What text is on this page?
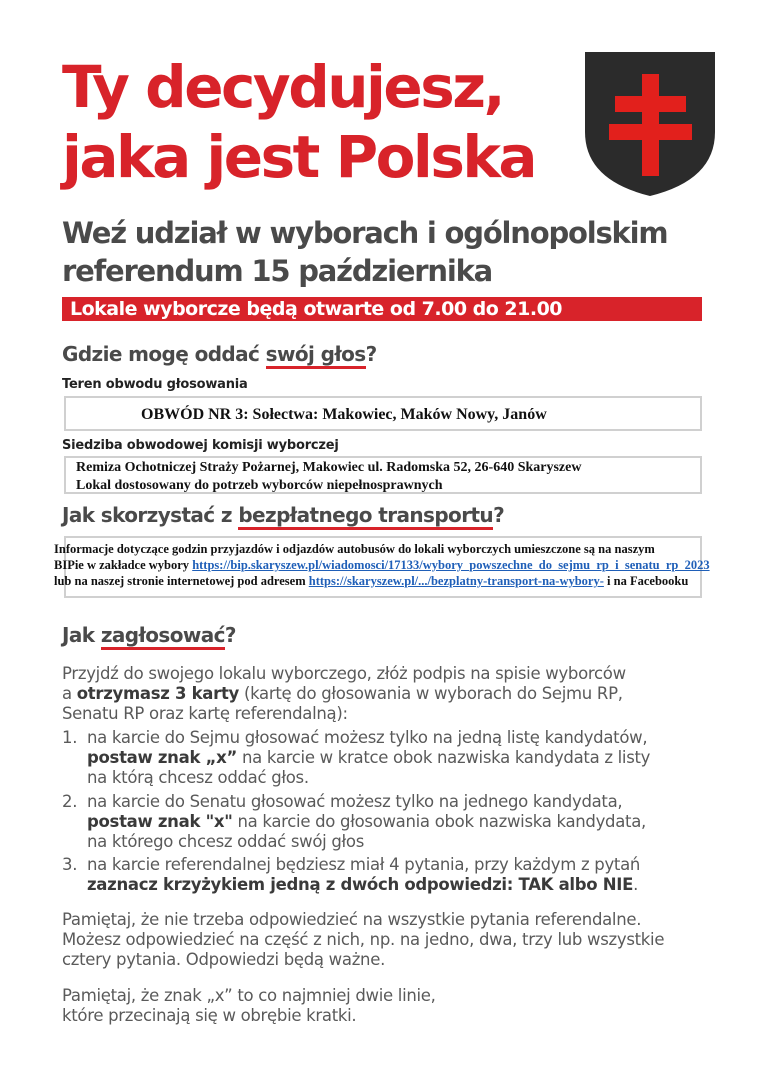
Ty decydujesz,
jaka jest Polska
Weź udział w wyborach i ogólnopolskim
referendum 15 października
Lokale wyborcze będą otwarte od 7.00 do 21.00
Gdzie mogę oddać swój głos?
Teren obwodu głosowania
OBWÓD NR 3: Sołectwa: Makowiec, Maków Nowy, Janów
Siedziba obwodowej komisji wyborczej
Remiza Ochotniczej Straży Pożarnej, Makowiec ul. Radomska 52, 26-640 Skaryszew
Lokal dostosowany do potrzeb wyborców niepełnosprawnych
Jak skorzystać z bezpłatnego transportu?
Informacje dotyczące godzin przyjazdów i odjazdów autobusów do lokali wyborczych umieszczone są na naszym
BIPie w zakładce wybory https://bip.skaryszew.pl/wiadomosci/17133/wybory_powszechne_do_sejmu_rp_i_senatu_rp_2023
lub na naszej stronie internetowej pod adresem https://skaryszew.pl/.../bezplatny-transport-na-wybory- i na Facebooku
Jak zagłosować?

Przyjdź do swojego lokalu wyborczego, złóż podpis na spisie wyborców
a otrzymasz 3 karty (kartę do głosowania w wyborach do Sejmu RP,
Senatu RP oraz kartę referendalną):

1. na karcie do Sejmu głosować możesz tylko na jedną listę kandydatów,
postaw znak „x” na karcie w kratce obok nazwiska kandydata z listy
na którą chcesz oddać głos.
2. na karcie do Senatu głosować możesz tylko na jednego kandydata,
postaw znak "x" na karcie do głosowania obok nazwiska kandydata,
na którego chcesz oddać swój głos
3. na karcie referendalnej będziesz miał 4 pytania, przy każdym z pytań
zaznacz krzyżykiem jedną z dwóch odpowiedzi: TAK albo NIE.

Pamiętaj, że nie trzeba odpowiedzieć na wszystkie pytania referendalne.
Możesz odpowiedzieć na część z nich, np. na jedno, dwa, trzy lub wszystkie
cztery pytania. Odpowiedzi będą ważne.

Pamiętaj, że znak „x” to co najmniej dwie linie,
które przecinają się w obrębie kratki.
